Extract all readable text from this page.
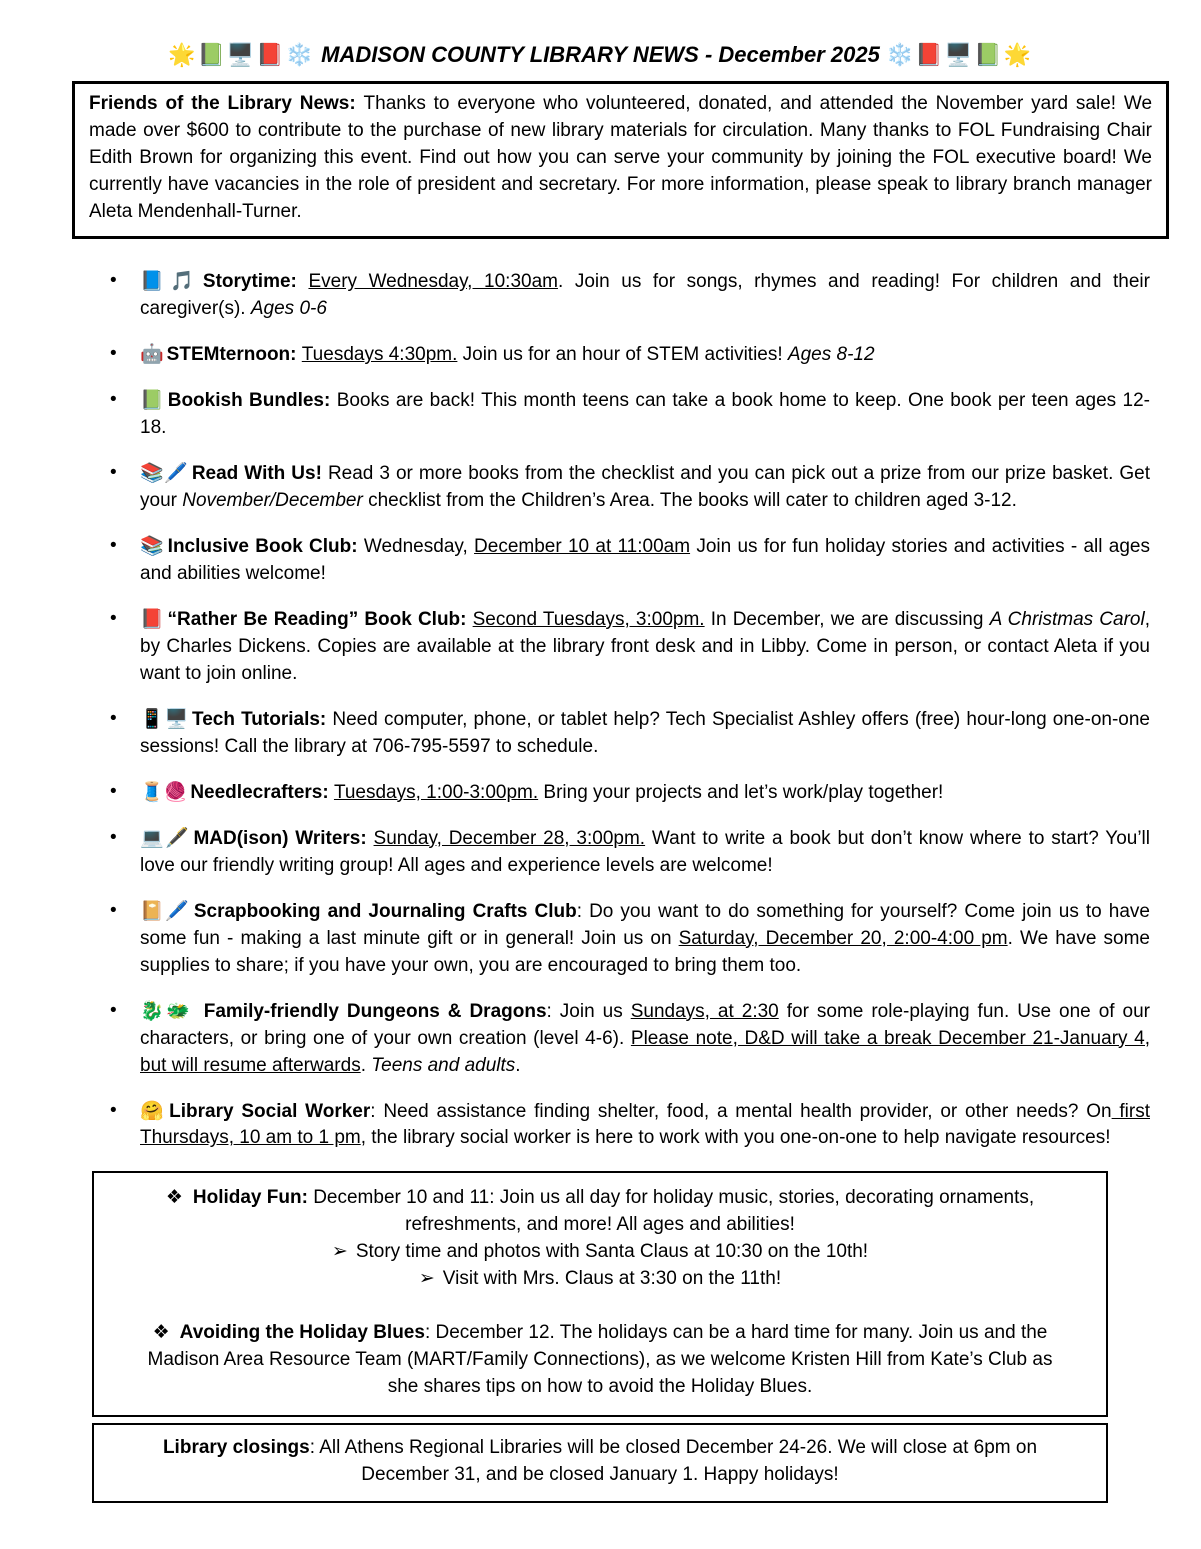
🌟📗🖥️📕❄️ MADISON COUNTY LIBRARY NEWS - December 2025 ❄️📕🖥️📗🌟

Friends of the Library News: Thanks to everyone who volunteered, donated, and attended the November yard sale! We made over $600 to contribute to the purchase of new library materials for circulation. Many thanks to FOL Fundraising Chair Edith Brown for organizing this event. Find out how you can serve your community by joining the FOL executive board! We currently have vacancies in the role of president and secretary. For more information, please speak to library branch manager Aleta Mendenhall-Turner.

• 📘🎵 Storytime: Every Wednesday, 10:30am. Join us for songs, rhymes and reading! For children and their caregiver(s). Ages 0-6
• 🤖 STEMternoon: Tuesdays 4:30pm. Join us for an hour of STEM activities! Ages 8-12
• 📗 Bookish Bundles: Books are back! This month teens can take a book home to keep. One book per teen ages 12-18.
• 📚🖊️ Read With Us! Read 3 or more books from the checklist and you can pick out a prize from our prize basket. Get your November/December checklist from the Children’s Area. The books will cater to children aged 3-12.
• 📚 Inclusive Book Club: Wednesday, December 10 at 11:00am Join us for fun holiday stories and activities - all ages and abilities welcome!
• 📕 “Rather Be Reading” Book Club: Second Tuesdays, 3:00pm. In December, we are discussing A Christmas Carol, by Charles Dickens. Copies are available at the library front desk and in Libby. Come in person, or contact Aleta if you want to join online.
• 📱🖥️ Tech Tutorials: Need computer, phone, or tablet help? Tech Specialist Ashley offers (free) hour-long one-on-one sessions! Call the library at 706-795-5597 to schedule.
• 🧵🧶 Needlecrafters: Tuesdays, 1:00-3:00pm. Bring your projects and let’s work/play together!
• 💻🖋️ MAD(ison) Writers: Sunday, December 28, 3:00pm. Want to write a book but don’t know where to start? You’ll love our friendly writing group! All ages and experience levels are welcome!
• 📔🖊️ Scrapbooking and Journaling Crafts Club: Do you want to do something for yourself? Come join us to have some fun - making a last minute gift or in general! Join us on Saturday, December 20, 2:00-4:00 pm. We have some supplies to share; if you have your own, you are encouraged to bring them too.
• 🐉🐲 Family-friendly Dungeons & Dragons: Join us Sundays, at 2:30 for some role-playing fun. Use one of our characters, or bring one of your own creation (level 4-6). Please note, D&D will take a break December 21-January 4, but will resume afterwards. Teens and adults.
• 🤗 Library Social Worker: Need assistance finding shelter, food, a mental health provider, or other needs? On first Thursdays, 10 am to 1 pm, the library social worker is here to work with you one-on-one to help navigate resources!

❖ Holiday Fun: December 10 and 11: Join us all day for holiday music, stories, decorating ornaments, refreshments, and more! All ages and abilities!

➢ Story time and photos with Santa Claus at 10:30 on the 10th!

➢ Visit with Mrs. Claus at 3:30 on the 11th!

❖ Avoiding the Holiday Blues: December 12. The holidays can be a hard time for many. Join us and the Madison Area Resource Team (MART/Family Connections), as we welcome Kristen Hill from Kate’s Club as she shares tips on how to avoid the Holiday Blues.

Library closings: All Athens Regional Libraries will be closed December 24-26. We will close at 6pm on December 31, and be closed January 1. Happy holidays!
